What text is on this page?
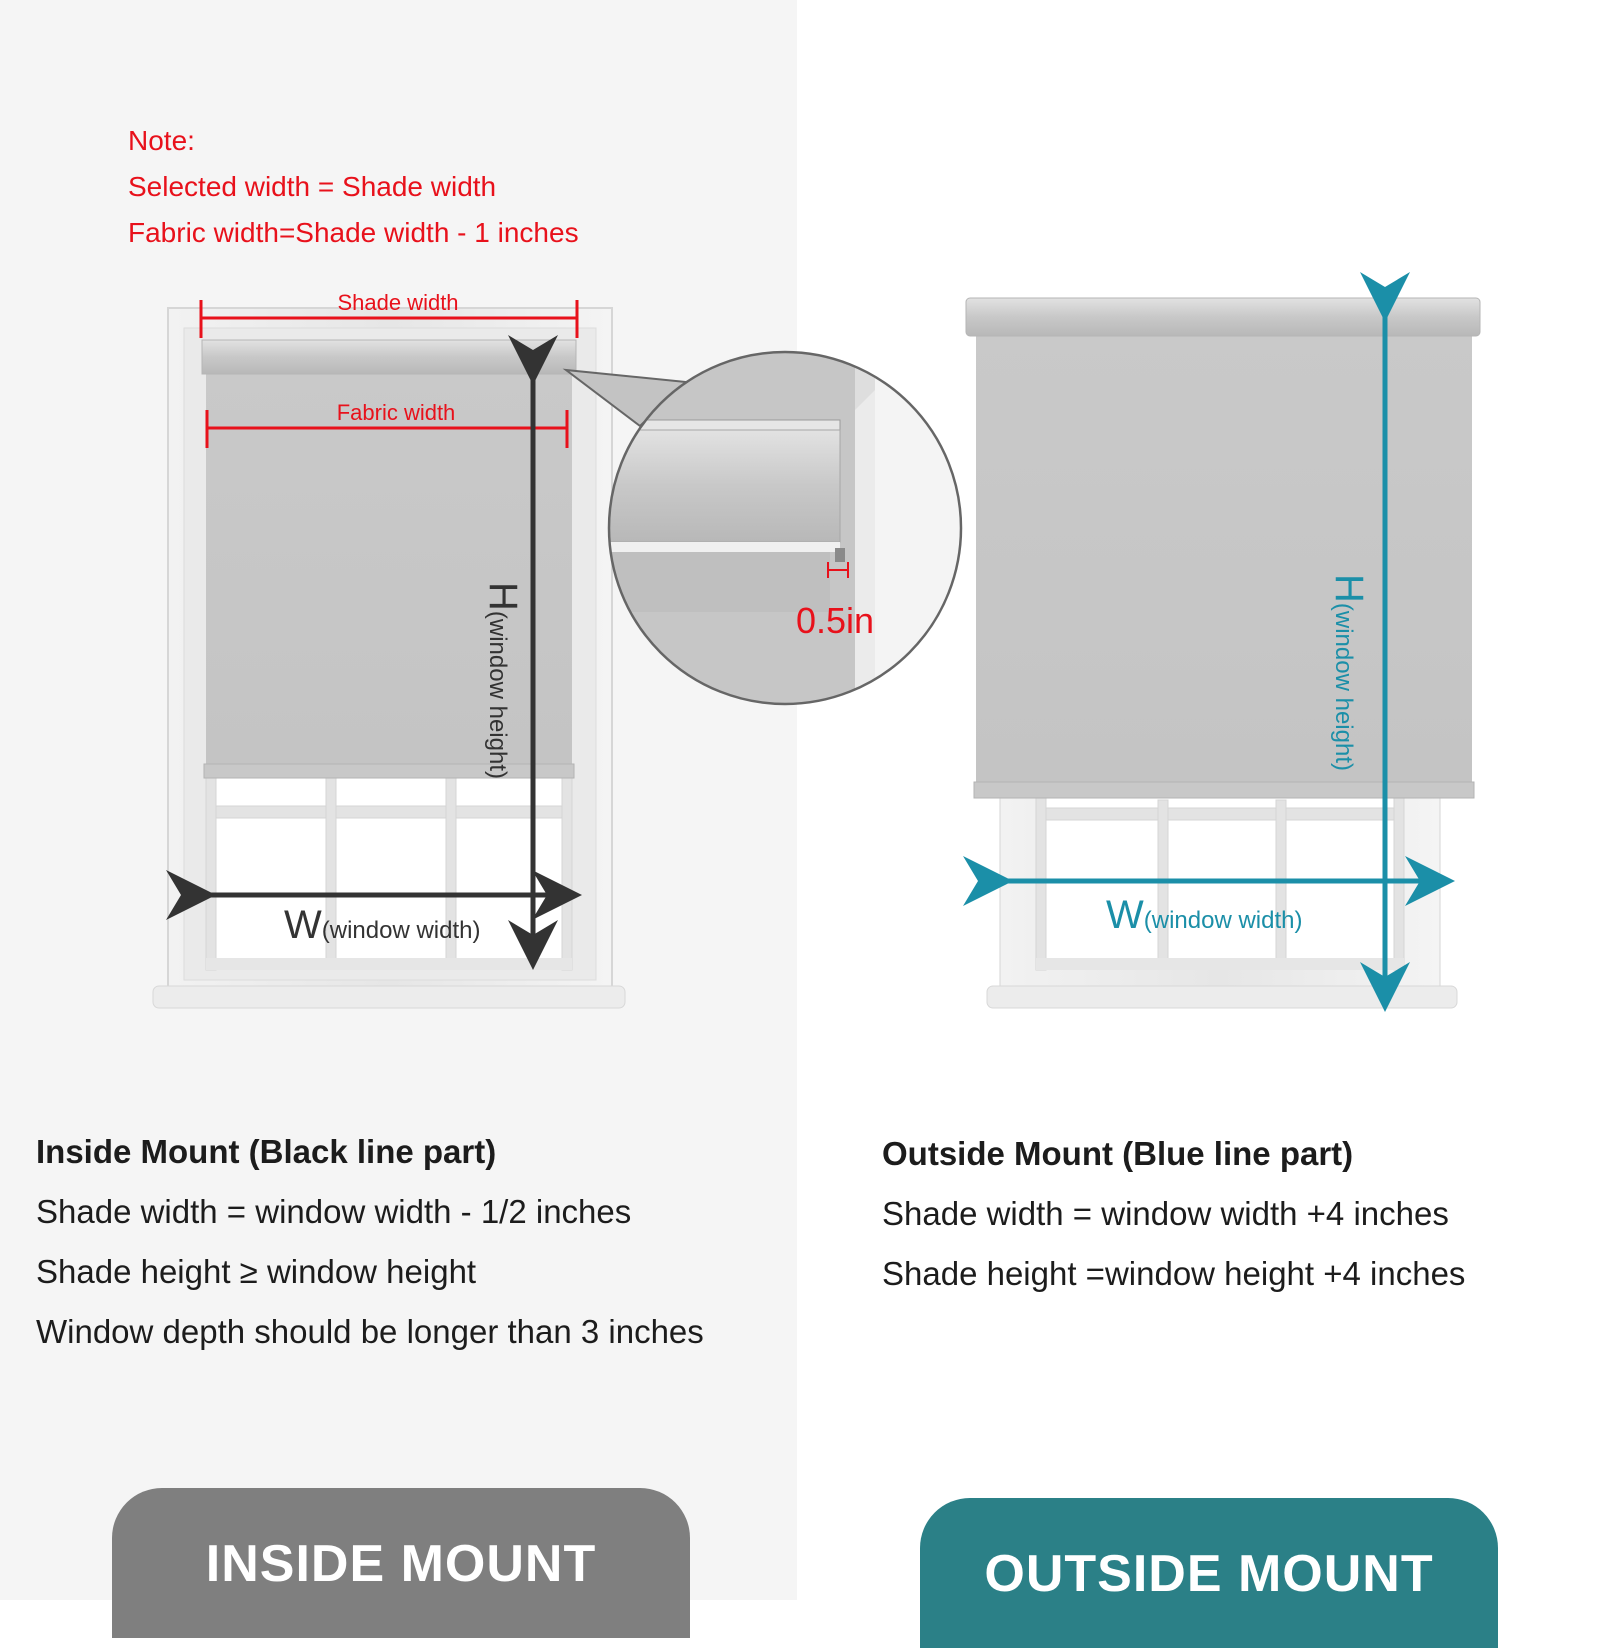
Shade width
Fabric width
H(window height)
W(window width)
0.5in
H(window height)
W(window width)
Note:
Selected width = Shade width
Fabric width=Shade width - 1 inches
Inside Mount (Black line part)
Shade width = window width - 1/2 inches
Shade height ≥ window height
Window depth should be longer than 3 inches
Outside Mount (Blue line part)
Shade width = window width +4 inches
Shade height =window height +4 inches
INSIDE MOUNT	OUTSIDE MOUNT
